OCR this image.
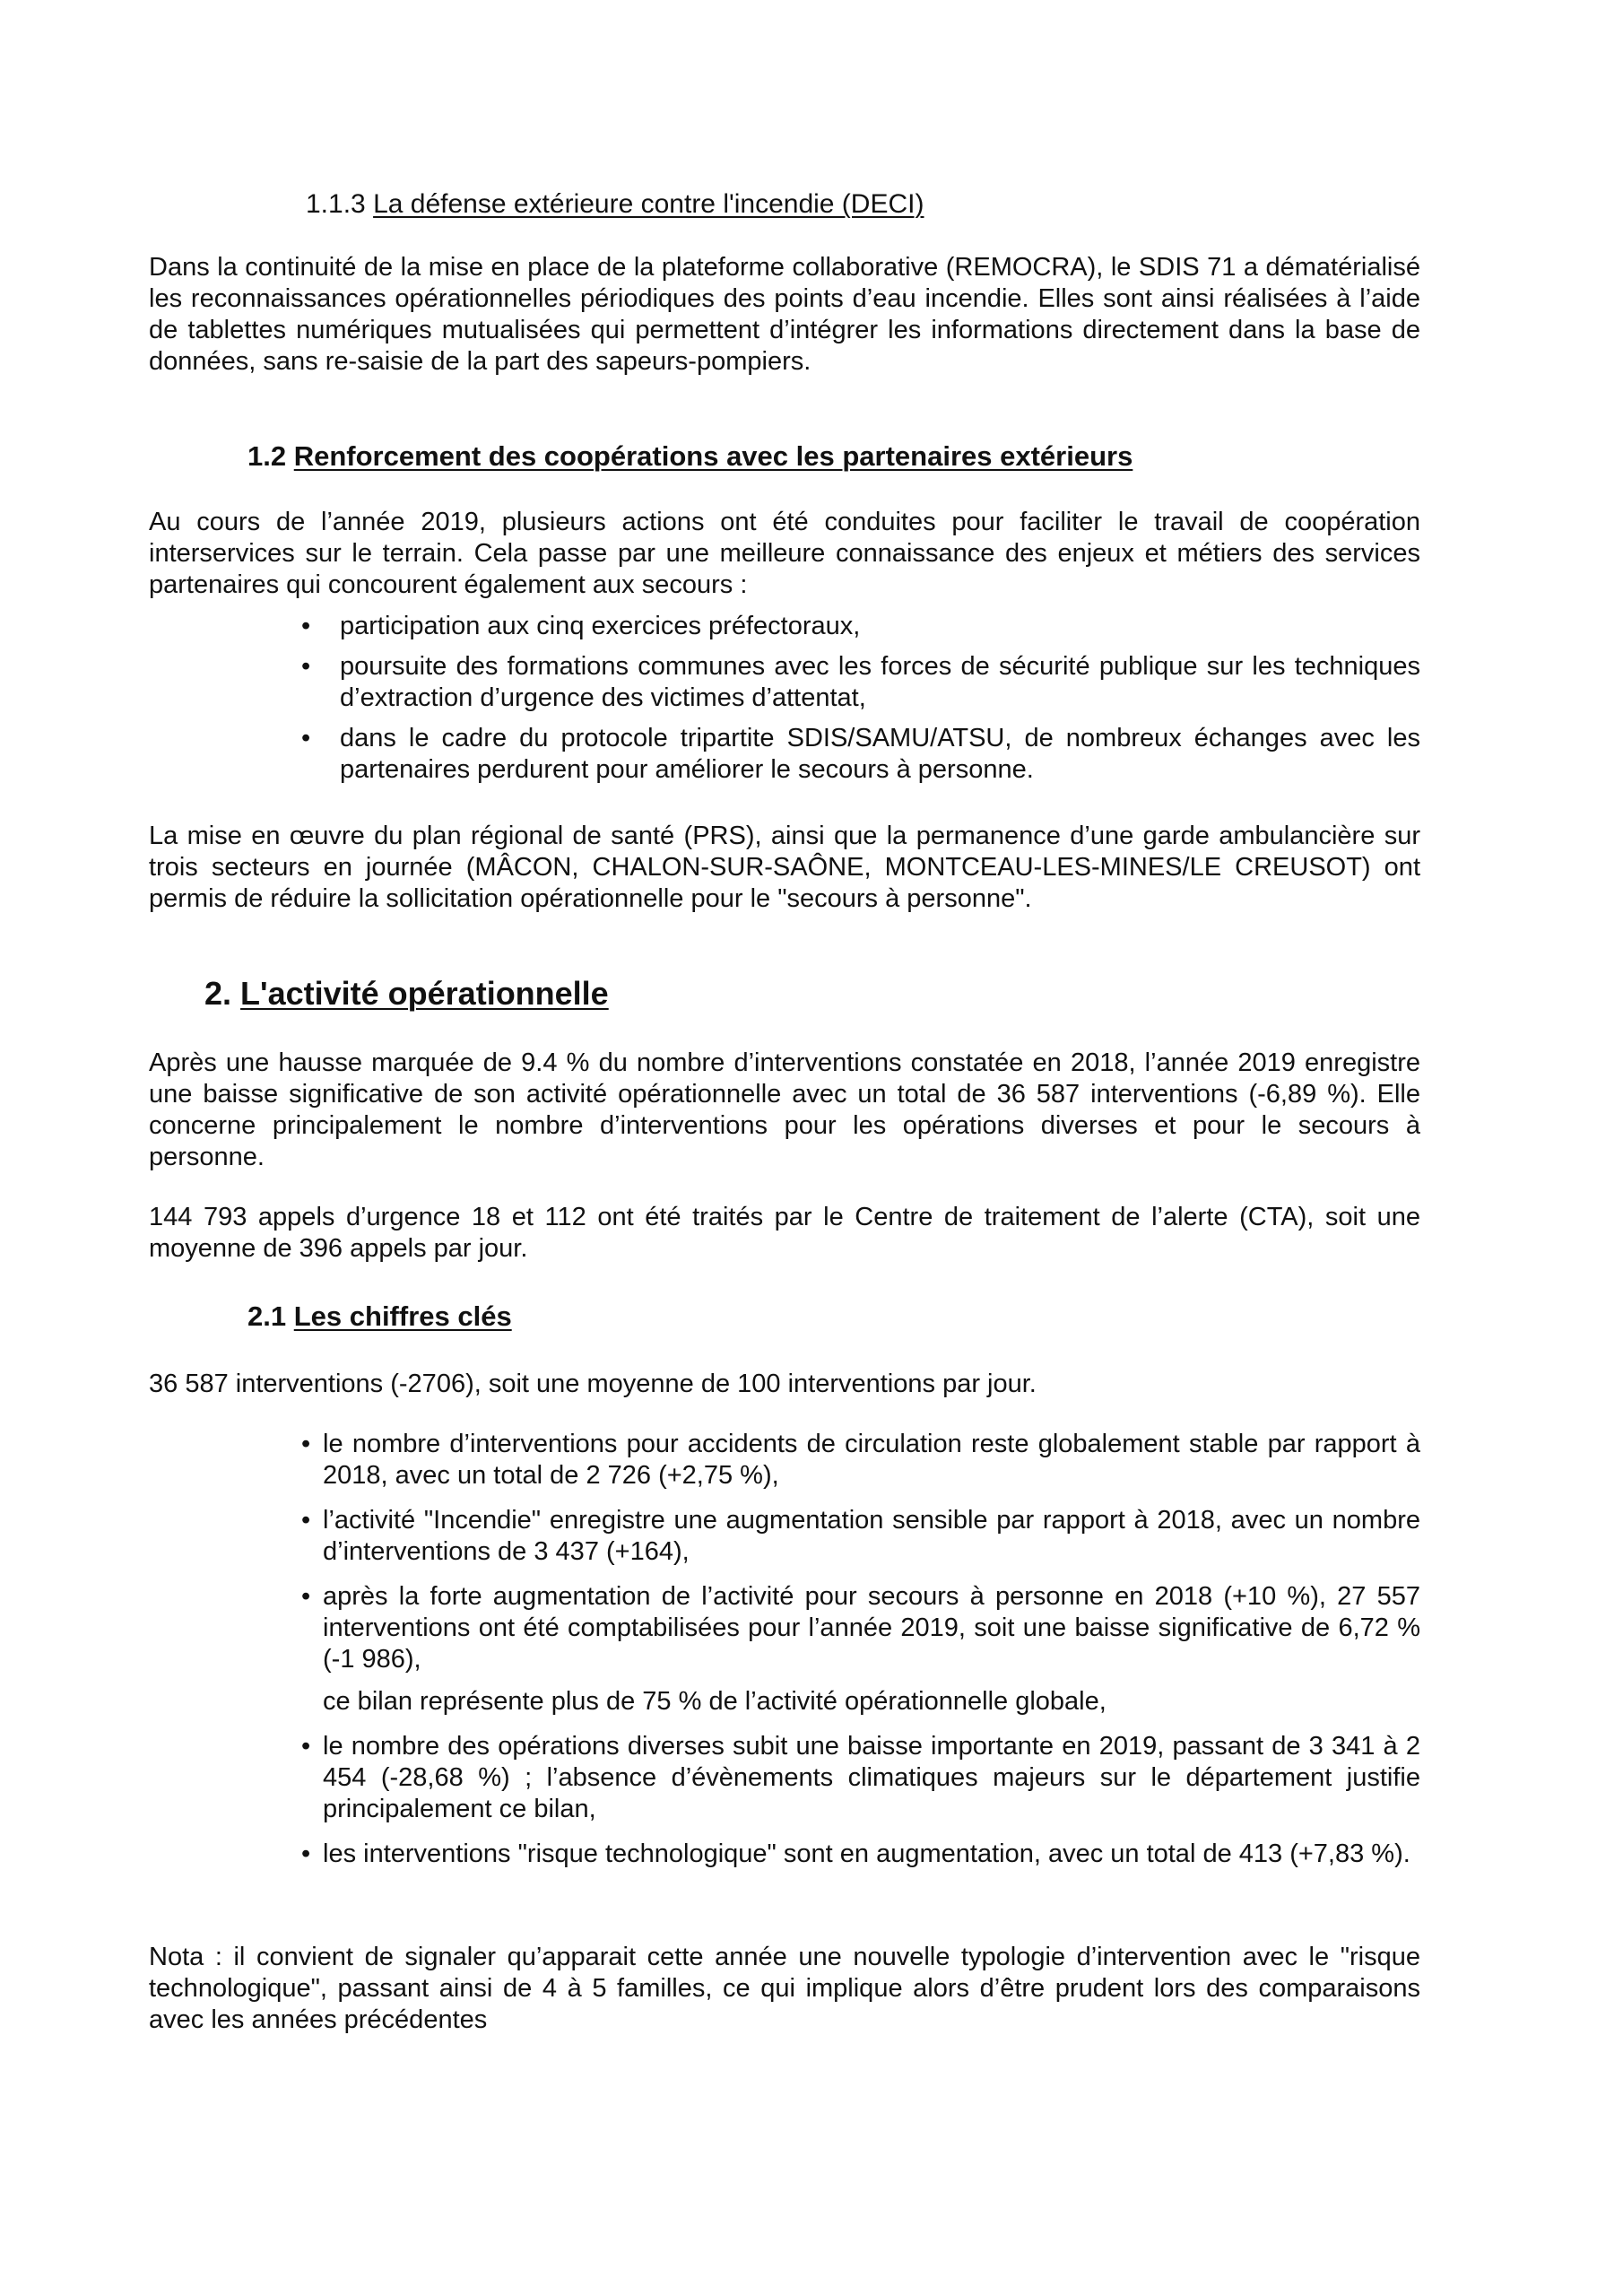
1.1.3 La défense extérieure contre l'incendie (DECI)
Dans la continuité de la mise en place de la plateforme collaborative (REMOCRA), le SDIS 71 a dématérialisé les reconnaissances opérationnelles périodiques des points d’eau incendie. Elles sont ainsi réalisées à l’aide de tablettes numériques mutualisées qui permettent d’intégrer les informations directement dans la base de données, sans re-saisie de la part des sapeurs-pompiers.
1.2 Renforcement des coopérations avec les partenaires extérieurs
Au cours de l’année 2019, plusieurs actions ont été conduites pour faciliter le travail de coopération interservices sur le terrain. Cela passe par une meilleure connaissance des enjeux et métiers des services partenaires qui concourent également aux secours :
• participation aux cinq exercices préfectoraux,
• poursuite des formations communes avec les forces de sécurité publique sur les techniques d’extraction d’urgence des victimes d’attentat,
• dans le cadre du protocole tripartite SDIS/SAMU/ATSU, de nombreux échanges avec les partenaires perdurent pour améliorer le secours à personne.
La mise en œuvre du plan régional de santé (PRS), ainsi que la permanence d’une garde ambulancière sur trois secteurs en journée (MÂCON, CHALON-SUR-SAÔNE, MONTCEAU-LES-MINES/LE CREUSOT) ont permis de réduire la sollicitation opérationnelle pour le "secours à personne".
2. L'activité opérationnelle
Après une hausse marquée de 9.4 % du nombre d’interventions constatée en 2018, l’année 2019 enregistre une baisse significative de son activité opérationnelle avec un total de 36 587 interventions (-6,89 %). Elle concerne principalement le nombre d’interventions pour les opérations diverses et pour le secours à personne.
144 793 appels d’urgence 18 et 112 ont été traités par le Centre de traitement de l’alerte (CTA), soit une moyenne de 396 appels par jour.
2.1 Les chiffres clés
36 587 interventions (-2706), soit une moyenne de 100 interventions par jour.
• le nombre d’interventions pour accidents de circulation reste globalement stable par rapport à 2018, avec un total de 2 726 (+2,75 %),
• l’activité "Incendie" enregistre une augmentation sensible par rapport à 2018, avec un nombre d’interventions de 3 437 (+164),
• après la forte augmentation de l’activité pour secours à personne en 2018 (+10 %), 27 557 interventions ont été comptabilisées pour l’année 2019, soit une baisse significative de 6,72 % (-1 986),
ce bilan représente plus de 75 % de l’activité opérationnelle globale,
• le nombre des opérations diverses subit une baisse importante en 2019, passant de 3 341 à 2 454 (-28,68 %) ; l’absence d’évènements climatiques majeurs sur le département justifie principalement ce bilan,
• les interventions "risque technologique" sont en augmentation, avec un total de 413 (+7,83 %).
Nota : il convient de signaler qu’apparait cette année une nouvelle typologie d’intervention avec le "risque technologique", passant ainsi de 4 à 5 familles, ce qui implique alors d’être prudent lors des comparaisons avec les années précédentes
